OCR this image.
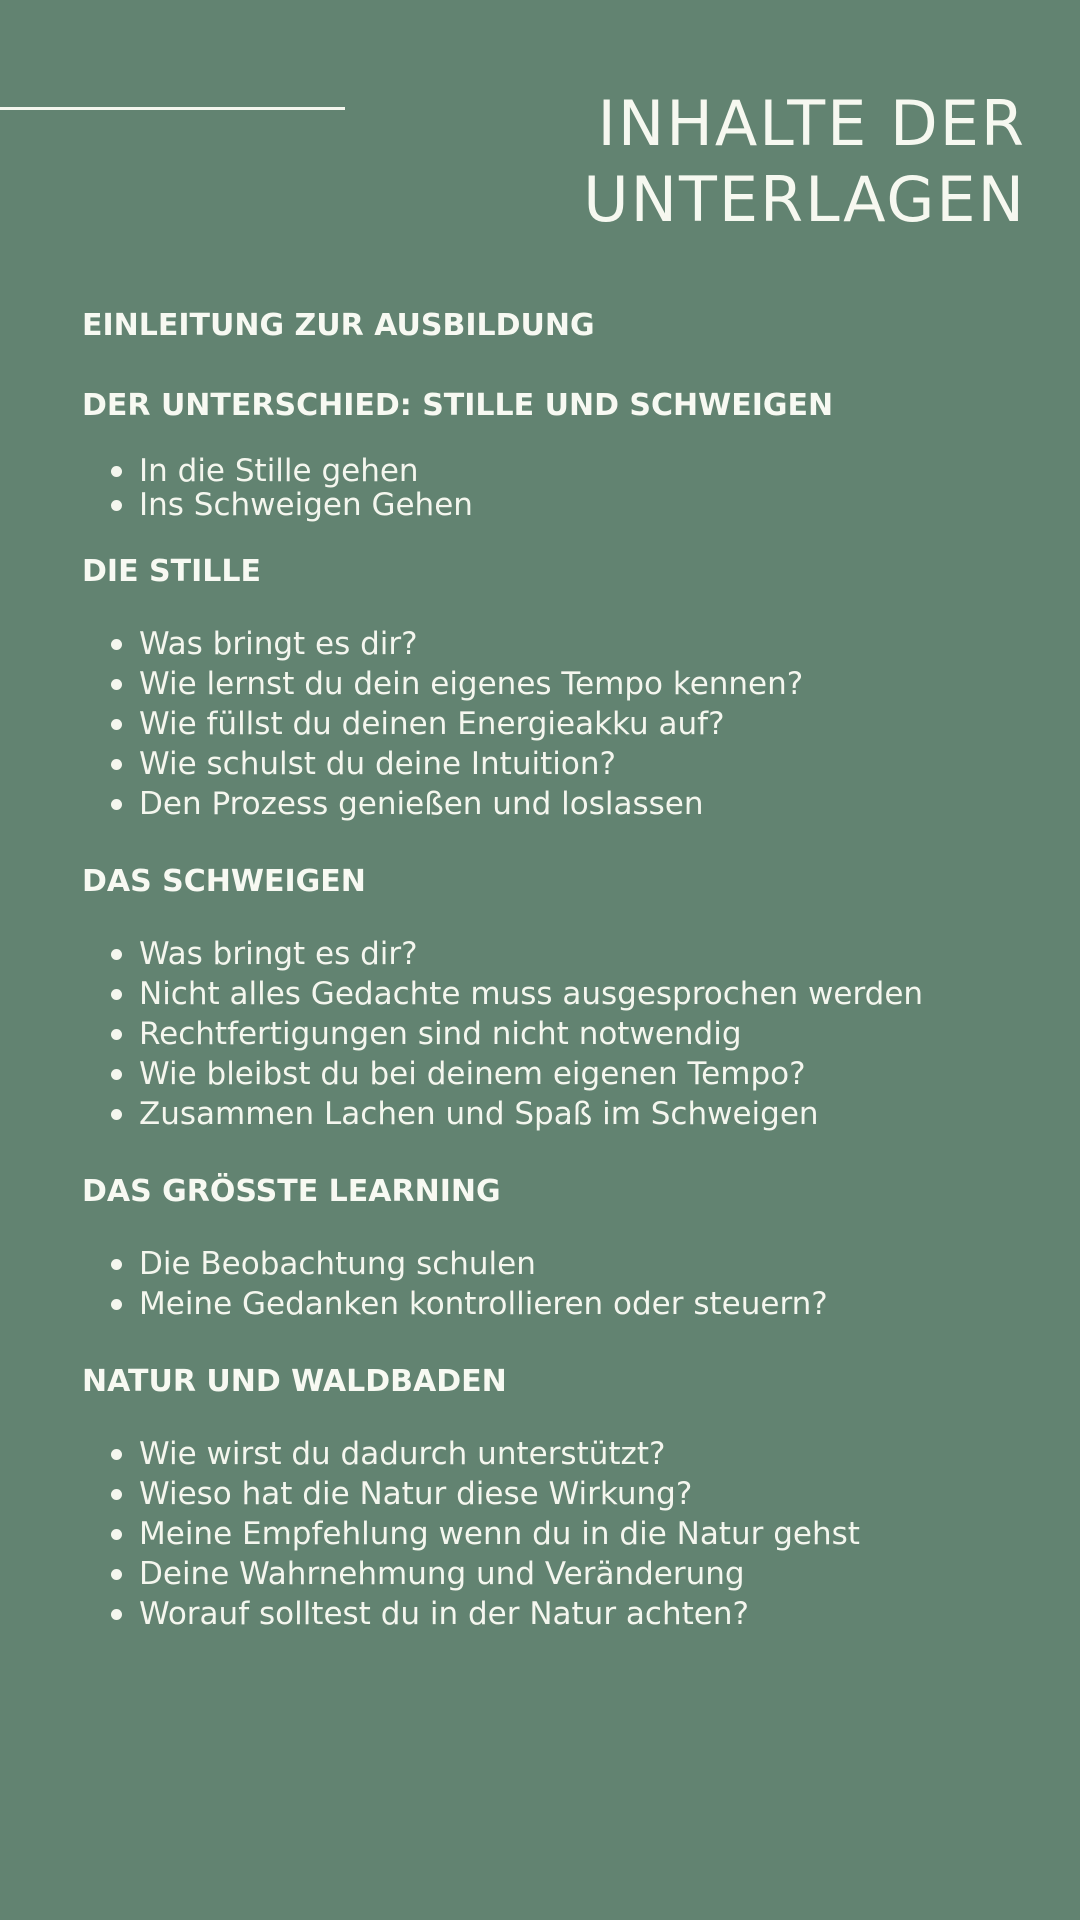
INHALTE DER
UNTERLAGEN
EINLEITUNG ZUR AUSBILDUNG
DER UNTERSCHIED: STILLE UND SCHWEIGEN
In die Stille gehen
Ins Schweigen Gehen
DIE STILLE
Was bringt es dir?
Wie lernst du dein eigenes Tempo kennen?
Wie füllst du deinen Energieakku auf?
Wie schulst du deine Intuition?
Den Prozess genießen und loslassen
DAS SCHWEIGEN
Was bringt es dir?
Nicht alles Gedachte muss ausgesprochen werden
Rechtfertigungen sind nicht notwendig
Wie bleibst du bei deinem eigenen Tempo?
Zusammen Lachen und Spaß im Schweigen
DAS GRÖSSTE LEARNING
Die Beobachtung schulen
Meine Gedanken kontrollieren oder steuern?
NATUR UND WALDBADEN
Wie wirst du dadurch unterstützt?
Wieso hat die Natur diese Wirkung?
Meine Empfehlung wenn du in die Natur gehst
Deine Wahrnehmung und Veränderung
Worauf solltest du in der Natur achten?
